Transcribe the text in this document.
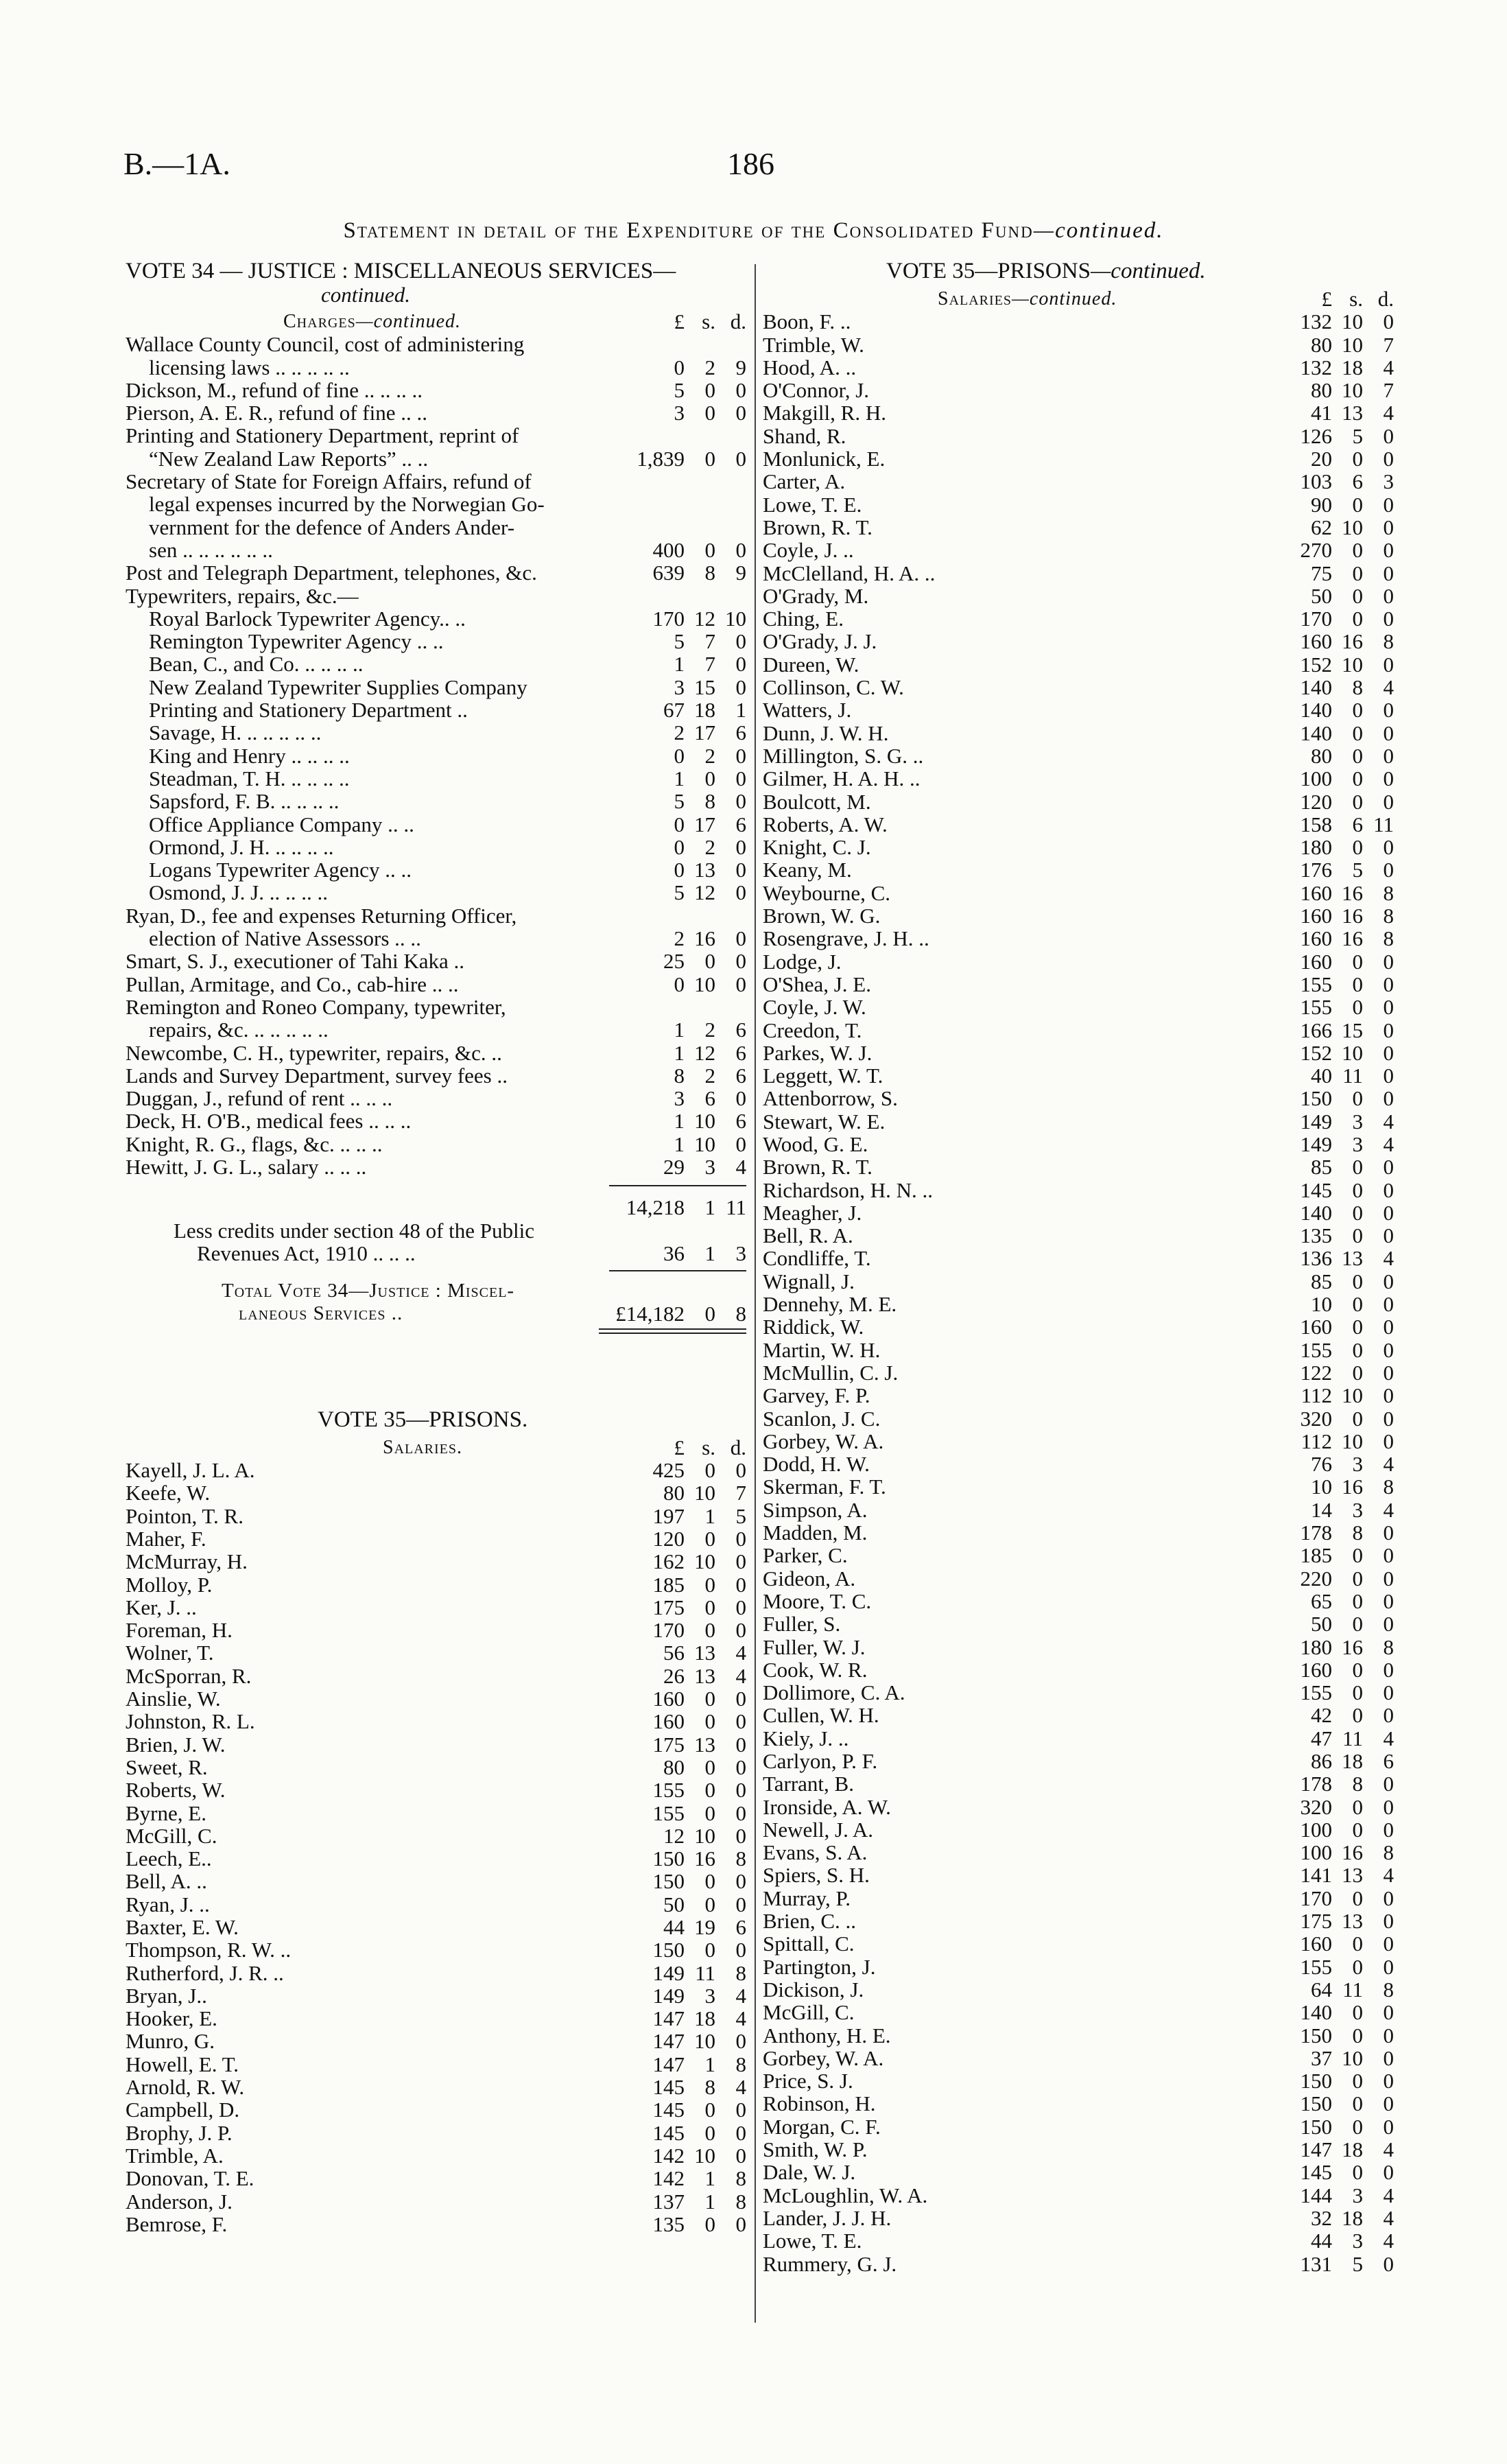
B.—1A.	186
Statement in detail of the Expenditure of the Consolidated Fund—continued.
VOTE 34 — JUSTICE : MISCELLANEOUS SERVICES—
continued.
Charges—continued.	£ s. d.
Wallace County Council, cost of administering
licensing laws .. .. .. .. ..	0 2 9
Dickson, M., refund of fine .. .. .. ..	5 0 0
Pierson, A. E. R., refund of fine .. ..	3 0 0
Printing and Stationery Department, reprint of
“New Zealand Law Reports” .. ..	1,839 0 0
Secretary of State for Foreign Affairs, refund of
legal expenses incurred by the Norwegian Go-
vernment for the defence of Anders Ander-
sen .. .. .. .. .. ..	400 0 0
Post and Telegraph Department, telephones, &c.	639 8 9
Typewriters, repairs, &c.—
Royal Barlock Typewriter Agency.. ..	170 12 10
Remington Typewriter Agency .. ..	5 7 0
Bean, C., and Co. .. .. .. ..	1 7 0
New Zealand Typewriter Supplies Company	3 15 0
Printing and Stationery Department ..	67 18 1
Savage, H. .. .. .. .. ..	2 17 6
King and Henry .. .. .. ..	0 2 0
Steadman, T. H. .. .. .. ..	1 0 0
Sapsford, F. B. .. .. .. ..	5 8 0
Office Appliance Company .. ..	0 17 6
Ormond, J. H. .. .. .. ..	0 2 0
Logans Typewriter Agency .. ..	0 13 0
Osmond, J. J. .. .. .. ..	5 12 0
Ryan, D., fee and expenses Returning Officer,
election of Native Assessors .. ..	2 16 0
Smart, S. J., executioner of Tahi Kaka ..	25 0 0
Pullan, Armitage, and Co., cab-hire .. ..	0 10 0
Remington and Roneo Company, typewriter,
repairs, &c. .. .. .. .. ..	1 2 6
Newcombe, C. H., typewriter, repairs, &c. ..	1 12 6
Lands and Survey Department, survey fees ..	8 2 6
Duggan, J., refund of rent .. .. ..	3 6 0
Deck, H. O'B., medical fees .. .. ..	1 10 6
Knight, R. G., flags, &c. .. .. ..	1 10 0
Hewitt, J. G. L., salary .. .. ..	29 3 4
14,218 1 11
Less credits under section 48 of the Public
Revenues Act, 1910 .. .. ..	36 1 3
Total Vote 34—Justice : Miscel-
laneous Services ..	£14,182 0 8
VOTE 35—PRISONS.
Salaries.	£ s. d.
Kayell, J. L. A.	425 0 0
Keefe, W.	80 10 7
Pointon, T. R.	197 1 5
Maher, F.	120 0 0
McMurray, H.	162 10 0
Molloy, P.	185 0 0
Ker, J. ..	175 0 0
Foreman, H.	170 0 0
Wolner, T.	56 13 4
McSporran, R.	26 13 4
Ainslie, W.	160 0 0
Johnston, R. L.	160 0 0
Brien, J. W.	175 13 0
Sweet, R.	80 0 0
Roberts, W.	155 0 0
Byrne, E.	155 0 0
McGill, C.	12 10 0
Leech, E..	150 16 8
Bell, A. ..	150 0 0
Ryan, J. ..	50 0 0
Baxter, E. W.	44 19 6
Thompson, R. W. ..	150 0 0
Rutherford, J. R. ..	149 11 8
Bryan, J..	149 3 4
Hooker, E.	147 18 4
Munro, G.	147 10 0
Howell, E. T.	147 1 8
Arnold, R. W.	145 8 4
Campbell, D.	145 0 0
Brophy, J. P.	145 0 0
Trimble, A.	142 10 0
Donovan, T. E.	142 1 8
Anderson, J.	137 1 8
Bemrose, F.	135 0 0
VOTE 35—PRISONS—continued.
Salaries—continued.	£ s. d.
Boon, F. ..	132 10 0
Trimble, W.	80 10 7
Hood, A. ..	132 18 4
O'Connor, J.	80 10 7
Makgill, R. H.	41 13 4
Shand, R.	126 5 0
Monlunick, E.	20 0 0
Carter, A.	103 6 3
Lowe, T. E.	90 0 0
Brown, R. T.	62 10 0
Coyle, J. ..	270 0 0
McClelland, H. A. ..	75 0 0
O'Grady, M.	50 0 0
Ching, E.	170 0 0
O'Grady, J. J.	160 16 8
Dureen, W.	152 10 0
Collinson, C. W.	140 8 4
Watters, J.	140 0 0
Dunn, J. W. H.	140 0 0
Millington, S. G. ..	80 0 0
Gilmer, H. A. H. ..	100 0 0
Boulcott, M.	120 0 0
Roberts, A. W.	158 6 11
Knight, C. J.	180 0 0
Keany, M.	176 5 0
Weybourne, C.	160 16 8
Brown, W. G.	160 16 8
Rosengrave, J. H. ..	160 16 8
Lodge, J.	160 0 0
O'Shea, J. E.	155 0 0
Coyle, J. W.	155 0 0
Creedon, T.	166 15 0
Parkes, W. J.	152 10 0
Leggett, W. T.	40 11 0
Attenborrow, S.	150 0 0
Stewart, W. E.	149 3 4
Wood, G. E.	149 3 4
Brown, R. T.	85 0 0
Richardson, H. N. ..	145 0 0
Meagher, J.	140 0 0
Bell, R. A.	135 0 0
Condliffe, T.	136 13 4
Wignall, J.	85 0 0
Dennehy, M. E.	10 0 0
Riddick, W.	160 0 0
Martin, W. H.	155 0 0
McMullin, C. J.	122 0 0
Garvey, F. P.	112 10 0
Scanlon, J. C.	320 0 0
Gorbey, W. A.	112 10 0
Dodd, H. W.	76 3 4
Skerman, F. T.	10 16 8
Simpson, A.	14 3 4
Madden, M.	178 8 0
Parker, C.	185 0 0
Gideon, A.	220 0 0
Moore, T. C.	65 0 0
Fuller, S.	50 0 0
Fuller, W. J.	180 16 8
Cook, W. R.	160 0 0
Dollimore, C. A.	155 0 0
Cullen, W. H.	42 0 0
Kiely, J. ..	47 11 4
Carlyon, P. F.	86 18 6
Tarrant, B.	178 8 0
Ironside, A. W.	320 0 0
Newell, J. A.	100 0 0
Evans, S. A.	100 16 8
Spiers, S. H.	141 13 4
Murray, P.	170 0 0
Brien, C. ..	175 13 0
Spittall, C.	160 0 0
Partington, J.	155 0 0
Dickison, J.	64 11 8
McGill, C.	140 0 0
Anthony, H. E.	150 0 0
Gorbey, W. A.	37 10 0
Price, S. J.	150 0 0
Robinson, H.	150 0 0
Morgan, C. F.	150 0 0
Smith, W. P.	147 18 4
Dale, W. J.	145 0 0
McLoughlin, W. A.	144 3 4
Lander, J. J. H.	32 18 4
Lowe, T. E.	44 3 4
Rummery, G. J.	131 5 0
